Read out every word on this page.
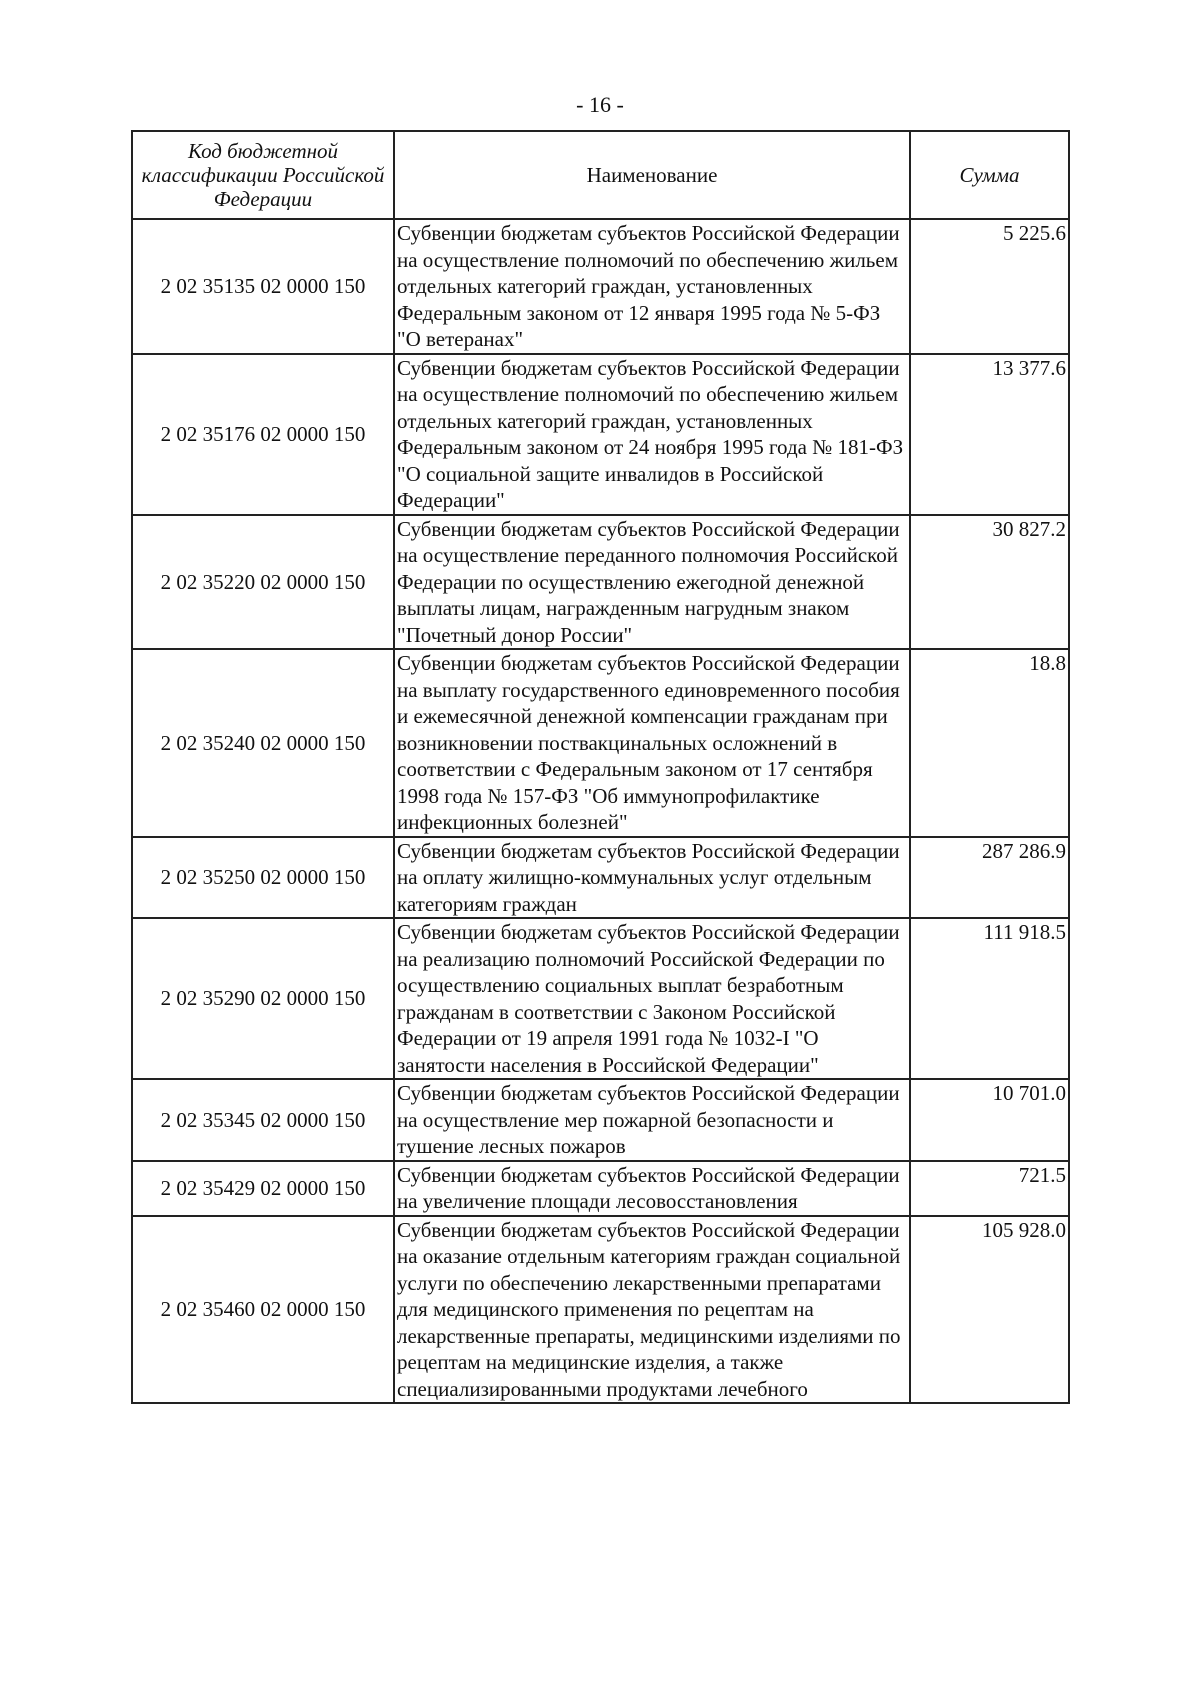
- 16 -
Код бюджетной классификации Российской Федерации	Наименование	Сумма
2 02 35135 02 0000 150	Субвенции бюджетам субъектов Российской Федерации на осуществление полномочий по обеспечению жильем отдельных категорий граждан, установленных Федеральным законом от 12 января 1995 года № 5-ФЗ "О ветеранах"	5 225.6
2 02 35176 02 0000 150	Субвенции бюджетам субъектов Российской Федерации на осуществление полномочий по обеспечению жильем отдельных категорий граждан, установленных Федеральным законом от 24 ноября 1995 года № 181-ФЗ "О социальной защите инвалидов в Российской Федерации"	13 377.6
2 02 35220 02 0000 150	Субвенции бюджетам субъектов Российской Федерации на осуществление переданного полномочия Российской Федерации по осуществлению ежегодной денежной выплаты лицам, награжденным нагрудным знаком "Почетный донор России"	30 827.2
2 02 35240 02 0000 150	Субвенции бюджетам субъектов Российской Федерации на выплату государственного единовременного пособия и ежемесячной денежной компенсации гражданам при возникновении поствакцинальных осложнений в соответствии с Федеральным законом от 17 сентября 1998 года № 157-ФЗ "Об иммунопрофилактике инфекционных болезней"	18.8
2 02 35250 02 0000 150	Субвенции бюджетам субъектов Российской Федерации на оплату жилищно-коммунальных услуг отдельным категориям граждан	287 286.9
2 02 35290 02 0000 150	Субвенции бюджетам субъектов Российской Федерации на реализацию полномочий Российской Федерации по осуществлению социальных выплат безработным гражданам в соответствии с Законом Российской Федерации от 19 апреля 1991 года № 1032-I "О занятости населения в Российской Федерации"	111 918.5
2 02 35345 02 0000 150	Субвенции бюджетам субъектов Российской Федерации на осуществление мер пожарной безопасности и тушение лесных пожаров	10 701.0
2 02 35429 02 0000 150	Субвенции бюджетам субъектов Российской Федерации на увеличение площади лесовосстановления	721.5
2 02 35460 02 0000 150	Субвенции бюджетам субъектов Российской Федерации на оказание отдельным категориям граждан социальной услуги по обеспечению лекарственными препаратами для медицинского применения по рецептам на лекарственные препараты, медицинскими изделиями по рецептам на медицинские изделия, а также специализированными продуктами лечебного	105 928.0
